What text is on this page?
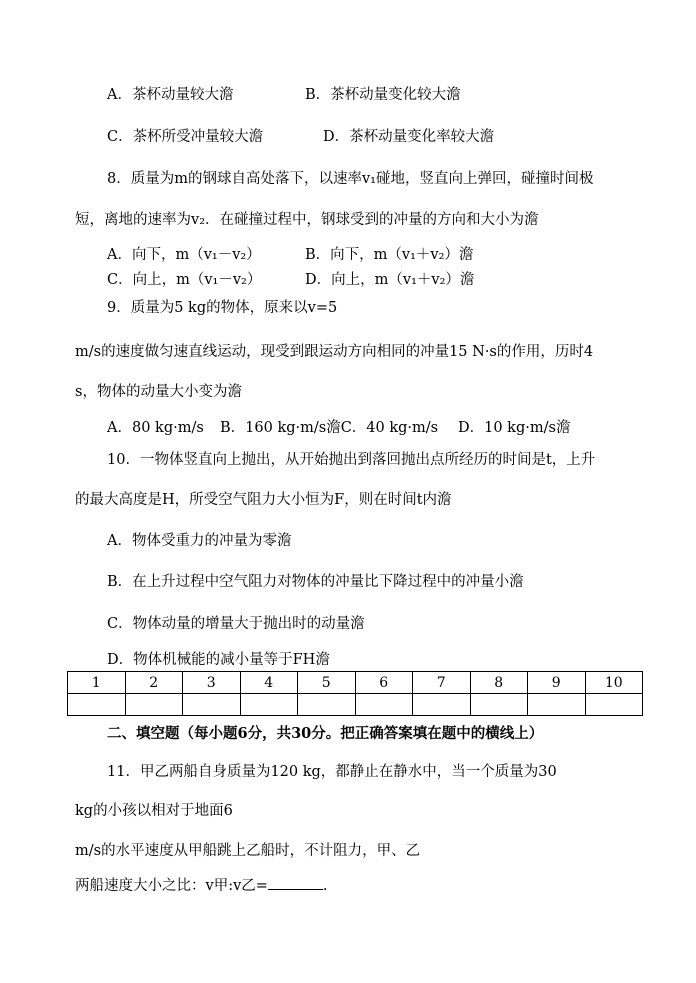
A．茶杯动量较大澹	B．茶杯动量变化较大澹
C．茶杯所受冲量较大澹	D．茶杯动量变化率较大澹
8．质量为m的钢球自高处落下，以速率v₁碰地，竖直向上弹回，碰撞时间极
短，离地的速率为v₂．在碰撞过程中，钢球受到的冲量的方向和大小为澹
A．向下，m（v₁－v₂）	B．向下，m（v₁＋v₂）澹
C．向上，m（v₁－v₂）	D．向上，m（v₁＋v₂）澹
9．质量为5 kg的物体，原来以v=5
m/s的速度做匀速直线运动，现受到跟运动方向相同的冲量15 N·s的作用，历时4
s，物体的动量大小变为澹
A．80 kg·m/s B．160 kg·m/s澹C．40 kg·m/s D．10 kg·m/s澹
10．一物体竖直向上抛出，从开始抛出到落回抛出点所经历的时间是t，上升
的最大高度是H，所受空气阻力大小恒为F，则在时间t内澹
A．物体受重力的冲量为零澹
B．在上升过程中空气阻力对物体的冲量比下降过程中的冲量小澹
C．物体动量的增量大于抛出时的动量澹
D．物体机械能的减小量等于FH澹
1	2	3	4	5	6	7	8	9	10

二、填空题（每小题6分，共30分。把正确答案填在题中的横线上）
11．甲乙两船自身质量为120 kg，都静止在静水中，当一个质量为30
kg的小孩以相对于地面6
m/s的水平速度从甲船跳上乙船时，不计阻力，甲、乙
两船速度大小之比：v甲:v乙=	.
